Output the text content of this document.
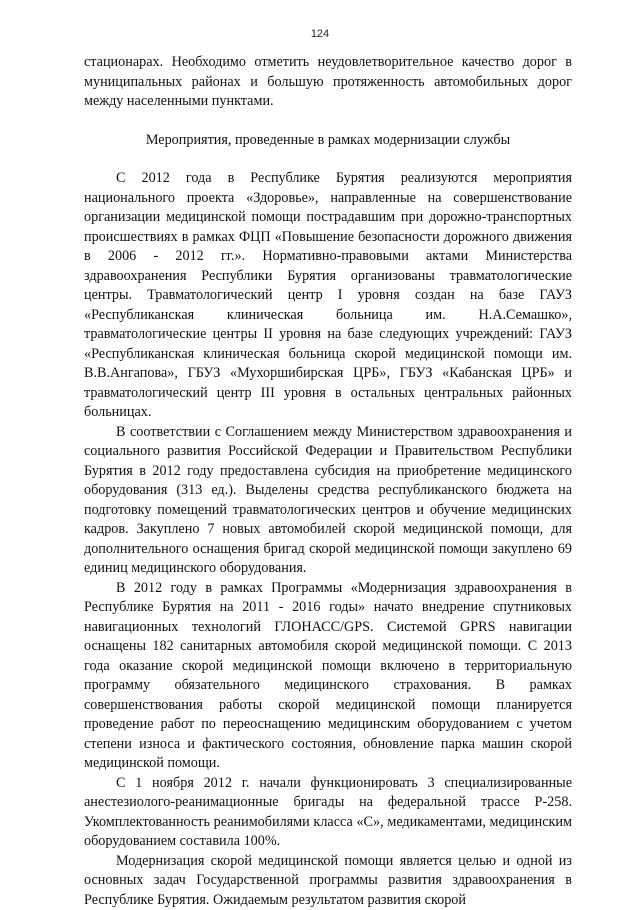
124

стационарах. Необходимо отметить неудовлетворительное качество дорог в муниципальных районах и большую протяженность автомобильных дорог между населенными пунктами.

Мероприятия, проведенные в рамках модернизации службы

С 2012 года в Республике Бурятия реализуются мероприятия национального проекта «Здоровье», направленные на совершенствование организации медицинской помощи пострадавшим при дорожно-транспортных происшествиях в рамках ФЦП «Повышение безопасности дорожного движения в 2006 - 2012 гг.». Нормативно-правовыми актами Министерства здравоохранения Республики Бурятия организованы травматологические центры. Травматологический центр I уровня создан на базе ГАУЗ «Республиканская клиническая больница им. Н.А.Семашко», травматологические центры II уровня на базе следующих учреждений: ГАУЗ «Республиканская клиническая больница скорой медицинской помощи им. В.В.Ангапова», ГБУЗ «Мухоршибирская ЦРБ», ГБУЗ «Кабанская ЦРБ» и травматологический центр III уровня в остальных центральных районных больницах.

В соответствии с Соглашением между Министерством здравоохранения и социального развития Российской Федерации и Правительством Республики Бурятия в 2012 году предоставлена субсидия на приобретение медицинского оборудования (313 ед.). Выделены средства республиканского бюджета на подготовку помещений травматологических центров и обучение медицинских кадров. Закуплено 7 новых автомобилей скорой медицинской помощи, для дополнительного оснащения бригад скорой медицинской помощи закуплено 69 единиц медицинского оборудования.

В 2012 году в рамках Программы «Модернизация здравоохранения в Республике Бурятия на 2011 - 2016 годы» начато внедрение спутниковых навигационных технологий ГЛОНАСС/GPS. Системой GPRS навигации оснащены 182 санитарных автомобиля скорой медицинской помощи. С 2013 года оказание скорой медицинской помощи включено в территориальную программу обязательного медицинского страхования. В рамках совершенствования работы скорой медицинской помощи планируется проведение работ по переоснащению медицинским оборудованием с учетом степени износа и фактического состояния, обновление парка машин скорой медицинской помощи.

С 1 ноября 2012 г. начали функционировать 3 специализированные анестезиолого-реанимационные бригады на федеральной трассе Р-258. Укомплектованность реанимобилями класса «С», медикаментами, медицинским оборудованием составила 100%.

Модернизация скорой медицинской помощи является целью и одной из основных задач Государственной программы развития здравоохранения в Республике Бурятия. Ожидаемым результатом развития скорой
